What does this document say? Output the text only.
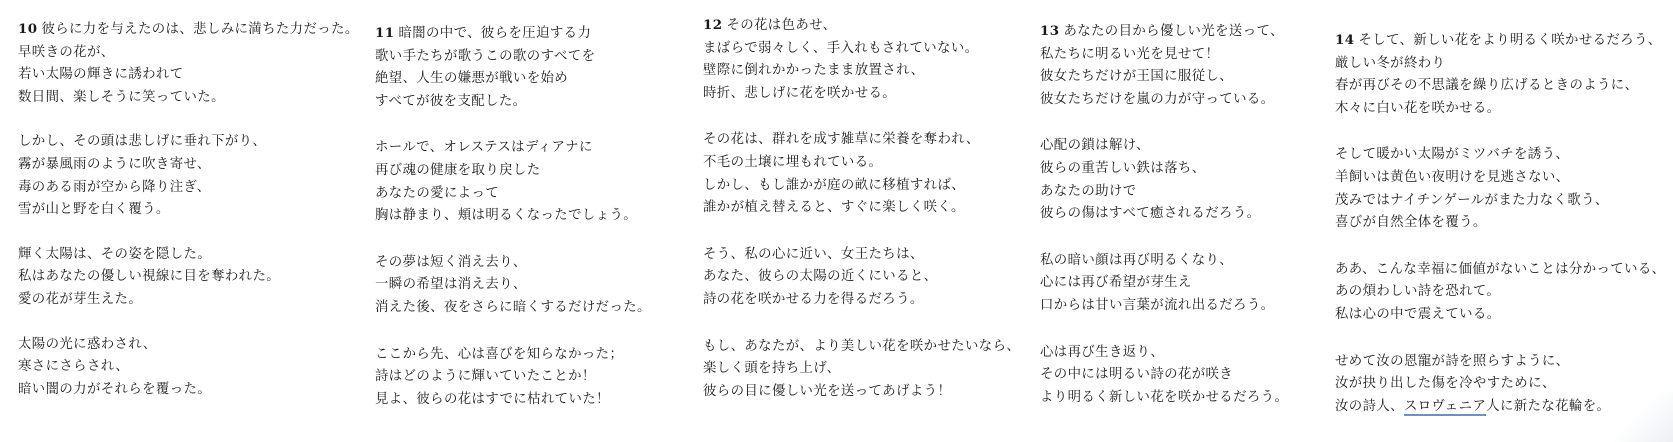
10 彼らに力を与えたのは、悲しみに満ちた力だった。
早咲きの花が、
若い太陽の輝きに誘われて
数日間、楽しそうに笑っていた。
しかし、その頭は悲しげに垂れ下がり、
霧が暴風雨のように吹き寄せ、
毒のある雨が空から降り注ぎ、
雪が山と野を白く覆う。
輝く太陽は、その姿を隠した。
私はあなたの優しい視線に目を奪われた。
愛の花が芽生えた。
太陽の光に惑わされ、
寒さにさらされ、
暗い闇の力がそれらを覆った。
11 暗闇の中で、彼らを圧迫する力
歌い手たちが歌うこの歌のすべてを
絶望、人生の嫌悪が戦いを始め
すべてが彼を支配した。
ホールで、オレステスはディアナに
再び魂の健康を取り戻した
あなたの愛によって
胸は静まり、頬は明るくなったでしょう。
その夢は短く消え去り、
一瞬の希望は消え去り、
消えた後、夜をさらに暗くするだけだった。
ここから先、心は喜びを知らなかった；
詩はどのように輝いていたことか！
見よ、彼らの花はすでに枯れていた！
12 その花は色あせ、
まばらで弱々しく、手入れもされていない。
壁際に倒れかかったまま放置され、
時折、悲しげに花を咲かせる。
その花は、群れを成す雑草に栄養を奪われ、
不毛の土壌に埋もれている。
しかし、もし誰かが庭の畝に移植すれば、
誰かが植え替えると、すぐに楽しく咲く。
そう、私の心に近い、女王たちは、
あなた、彼らの太陽の近くにいると、
詩の花を咲かせる力を得るだろう。
もし、あなたが、より美しい花を咲かせたいなら、
楽しく頭を持ち上げ、
彼らの目に優しい光を送ってあげよう！
13 あなたの目から優しい光を送って、
私たちに明るい光を見せて！
彼女たちだけが王国に服従し、
彼女たちだけを嵐の力が守っている。
心配の鎖は解け、
彼らの重苦しい鉄は落ち、
あなたの助けで
彼らの傷はすべて癒されるだろう。
私の暗い顔は再び明るくなり、
心には再び希望が芽生え
口からは甘い言葉が流れ出るだろう。
心は再び生き返り、
その中には明るい詩の花が咲き
より明るく新しい花を咲かせるだろう。
14 そして、新しい花をより明るく咲かせるだろう、
厳しい冬が終わり
春が再びその不思議を繰り広げるときのように、
木々に白い花を咲かせる。
そして暖かい太陽がミツバチを誘う、
羊飼いは黄色い夜明けを見逃さない、
茂みではナイチンゲールがまた力なく歌う、
喜びが自然全体を覆う。
ああ、こんな幸福に価値がないことは分かっている、
あの煩わしい詩を恐れて。
私は心の中で震えている。
せめて汝の恩寵が詩を照らすように、
汝が抉り出した傷を冷やすために、
汝の詩人、スロヴェニア人に新たな花輪を。
